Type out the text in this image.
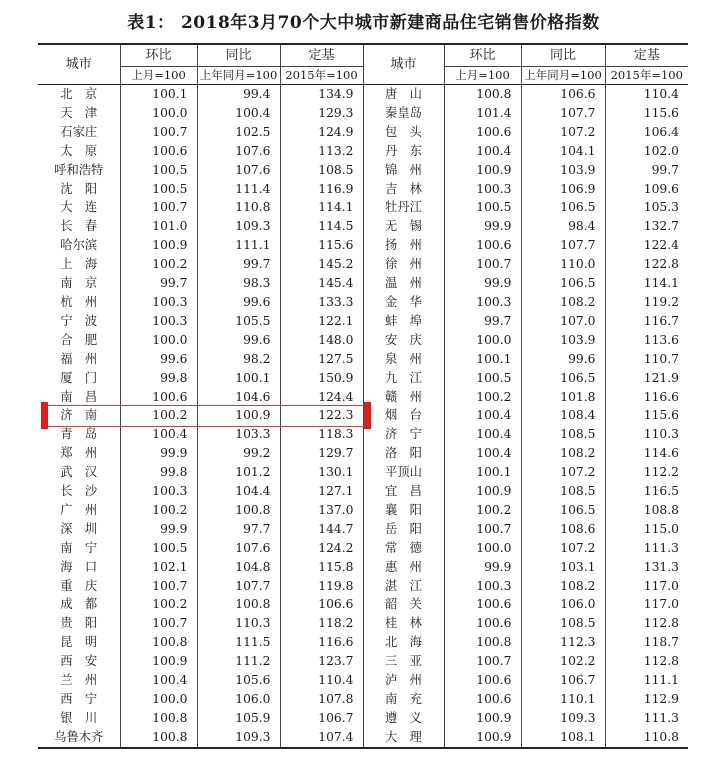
表1： 2018年3月70个大中城市新建商品住宅销售价格指数
城市	环比	同比	定基	城市	环比	同比	定基
	上月=100	上年同月=100	2015年=100		上月=100	上年同月=100	2015年=100
北　京	100.1	99.4	134.9	唐　山	100.8	106.6	110.4
天　津	100.0	100.4	129.3	秦皇岛	101.4	107.7	115.6
石家庄	100.7	102.5	124.9	包　头	100.6	107.2	106.4
太　原	100.6	107.6	113.2	丹　东	100.4	104.1	102.0
呼和浩特	100.5	107.6	108.5	锦　州	100.9	103.9	99.7
沈　阳	100.5	111.4	116.9	吉　林	100.3	106.9	109.6
大　连	100.7	110.8	114.1	牡丹江	100.5	106.5	105.3
长　春	101.0	109.3	114.5	无　锡	99.9	98.4	132.7
哈尔滨	100.9	111.1	115.6	扬　州	100.6	107.7	122.4
上　海	100.2	99.7	145.2	徐　州	100.7	110.0	122.8
南　京	99.7	98.3	145.4	温　州	99.9	106.5	114.1
杭　州	100.3	99.6	133.3	金　华	100.3	108.2	119.2
宁　波	100.3	105.5	122.1	蚌　埠	99.7	107.0	116.7
合　肥	100.0	99.6	148.0	安　庆	100.0	103.9	113.6
福　州	99.6	98.2	127.5	泉　州	100.1	99.6	110.7
厦　门	99.8	100.1	150.9	九　江	100.5	106.5	121.9
南　昌	100.6	104.6	124.4	赣　州	100.2	101.8	116.6
济　南	100.2	100.9	122.3	烟　台	100.4	108.4	115.6
青　岛	100.4	103.3	118.3	济　宁	100.4	108.5	110.3
郑　州	99.9	99.2	129.7	洛　阳	100.4	108.2	114.6
武　汉	99.8	101.2	130.1	平顶山	100.1	107.2	112.2
长　沙	100.3	104.4	127.1	宜　昌	100.9	108.5	116.5
广　州	100.2	100.8	137.0	襄　阳	100.2	106.5	108.8
深　圳	99.9	97.7	144.7	岳　阳	100.7	108.6	115.0
南　宁	100.5	107.6	124.2	常　德	100.0	107.2	111.3
海　口	102.1	104.8	115.8	惠　州	99.9	103.1	131.3
重　庆	100.7	107.7	119.8	湛　江	100.3	108.2	117.0
成　都	100.2	100.8	106.6	韶　关	100.6	106.0	117.0
贵　阳	100.7	110.3	118.2	桂　林	100.6	108.5	112.8
昆　明	100.8	111.5	116.6	北　海	100.8	112.3	118.7
西　安	100.9	111.2	123.7	三　亚	100.7	102.2	112.8
兰　州	100.4	105.6	110.4	泸　州	100.6	106.7	111.1
西　宁	100.0	106.0	107.8	南　充	100.6	110.1	112.9
银　川	100.8	105.9	106.7	遵　义	100.9	109.3	111.3
乌鲁木齐	100.8	109.3	107.4	大　理	100.9	108.1	110.8
